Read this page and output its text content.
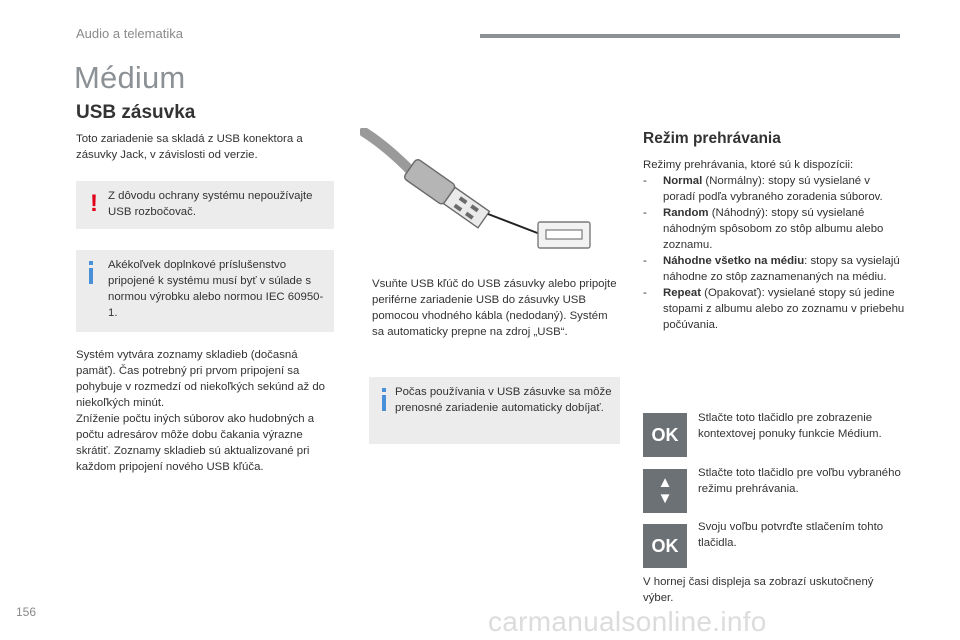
Audio a telematika
Médium
USB zásuvka
Toto zariadenie sa skladá z USB konektora a zásuvky Jack, v závislosti od verzie.
! Z dôvodu ochrany systému nepoužívajte USB rozbočovač.
Akékoľvek doplnkové príslušenstvo pripojené k systému musí byť v súlade s normou výrobku alebo normou IEC 60950-1.
Systém vytvára zoznamy skladieb (dočasná pamäť). Čas potrebný pri prvom pripojení sa pohybuje v rozmedzí od niekoľkých sekúnd až do niekoľkých minút.
Zníženie počtu iných súborov ako hudobných a počtu adresárov môže dobu čakania výrazne skrátiť. Zoznamy skladieb sú aktualizované pri každom pripojení nového USB kľúča.
Vsuňte USB kľúč do USB zásuvky alebo pripojte periférne zariadenie USB do zásuvky USB pomocou vhodného kábla (nedodaný). Systém sa automaticky prepne na zdroj „USB“.
Počas používania v USB zásuvke sa môže prenosné zariadenie automaticky dobíjať.
Režim prehrávania
Režimy prehrávania, ktoré sú k dispozícii:
- Normal (Normálny): stopy sú vysielané v poradí podľa vybraného zoradenia súborov.
- Random (Náhodný): stopy sú vysielané náhodným spôsobom zo stôp albumu alebo zoznamu.
- Náhodne všetko na médiu: stopy sa vysielajú náhodne zo stôp zaznamenaných na médiu.
- Repeat (Opakovať): vysielané stopy sú jedine stopami z albumu alebo zo zoznamu v priebehu počúvania.
OK
Stlačte toto tlačidlo pre zobrazenie kontextovej ponuky funkcie Médium.
▲
▼
Stlačte toto tlačidlo pre voľbu vybraného režimu prehrávania.
OK
Svoju voľbu potvrďte stlačením tohto tlačidla.
V hornej časi displeja sa zobrazí uskutočnený výber.
156	carmanualsonline.info
